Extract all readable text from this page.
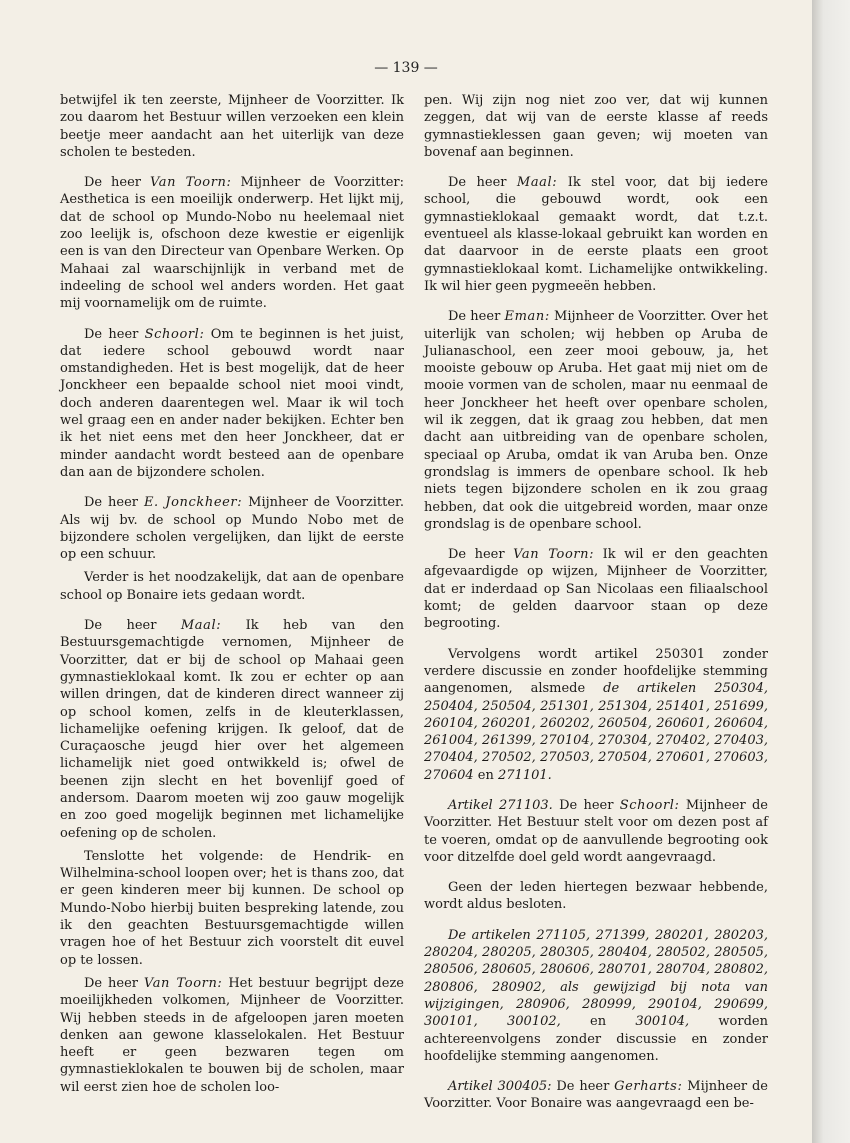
— 139 —

betwijfel ik ten zeerste, Mijnheer de Voorzitter. Ik zou daarom het Bestuur willen verzoeken een klein beetje meer aandacht aan het uiterlijk van deze scholen te besteden.

De heer Van Toorn: Mijnheer de Voorzitter: Aesthetica is een moeilijk onderwerp. Het lijkt mij, dat de school op Mundo-Nobo nu heelemaal niet zoo leelijk is, ofschoon deze kwestie er eigenlijk een is van den Directeur van Openbare Werken. Op Mahaai zal waarschijnlijk in verband met de indeeling de school wel anders worden. Het gaat mij voornamelijk om de ruimte.

De heer Schoorl: Om te beginnen is het juist, dat iedere school gebouwd wordt naar omstandigheden. Het is best mogelijk, dat de heer Jonckheer een bepaalde school niet mooi vindt, doch anderen daarentegen wel. Maar ik wil toch wel graag een en ander nader bekijken. Echter ben ik het niet eens met den heer Jonckheer, dat er minder aandacht wordt besteed aan de openbare dan aan de bijzondere scholen.

De heer E. Jonckheer: Mijnheer de Voorzitter. Als wij bv. de school op Mundo Nobo met de bijzondere scholen vergelijken, dan lijkt de eerste op een schuur.

Verder is het noodzakelijk, dat aan de openbare school op Bonaire iets gedaan wordt.

De heer Maal: Ik heb van den Bestuursgemachtigde vernomen, Mijnheer de Voorzitter, dat er bij de school op Mahaai geen gymnastieklokaal komt. Ik zou er echter op aan willen dringen, dat de kinderen direct wanneer zij op school komen, zelfs in de kleuterklassen, lichamelijke oefening krijgen. Ik geloof, dat de Curaçaosche jeugd hier over het algemeen lichamelijk niet goed ontwikkeld is; ofwel de beenen zijn slecht en het bovenlijf goed of andersom. Daarom moeten wij zoo gauw mogelijk en zoo goed mogelijk beginnen met lichamelijke oefening op de scholen.

Tenslotte het volgende: de Hendrik- en Wilhelmina-school loopen over; het is thans zoo, dat er geen kinderen meer bij kunnen. De school op Mundo-Nobo hierbij buiten bespreking latende, zou ik den geachten Bestuursgemachtigde willen vragen hoe of het Bestuur zich voorstelt dit euvel op te lossen.

De heer Van Toorn: Het bestuur begrijpt deze moeilijkheden volkomen, Mijnheer de Voorzitter. Wij hebben steeds in de afgeloopen jaren moeten denken aan gewone klasselokalen. Het Bestuur heeft er geen bezwaren tegen om gymnastieklokalen te bouwen bij de scholen, maar wil eerst zien hoe de scholen loo-

pen. Wij zijn nog niet zoo ver, dat wij kunnen zeggen, dat wij van de eerste klasse af reeds gymnastieklessen gaan geven; wij moeten van bovenaf aan beginnen.

De heer Maal: Ik stel voor, dat bij iedere school, die gebouwd wordt, ook een gymnastieklokaal gemaakt wordt, dat t.z.t. eventueel als klasse-lokaal gebruikt kan worden en dat daarvoor in de eerste plaats een groot gymnastieklokaal komt. Lichamelijke ontwikkeling. Ik wil hier geen pygmeeën hebben.

De heer Eman: Mijnheer de Voorzitter. Over het uiterlijk van scholen; wij hebben op Aruba de Julianaschool, een zeer mooi gebouw, ja, het mooiste gebouw op Aruba. Het gaat mij niet om de mooie vormen van de scholen, maar nu eenmaal de heer Jonckheer het heeft over openbare scholen, wil ik zeggen, dat ik graag zou hebben, dat men dacht aan uitbreiding van de openbare scholen, speciaal op Aruba, omdat ik van Aruba ben. Onze grondslag is immers de openbare school. Ik heb niets tegen bijzondere scholen en ik zou graag hebben, dat ook die uitgebreid worden, maar onze grondslag is de openbare school.

De heer Van Toorn: Ik wil er den geachten afgevaardigde op wijzen, Mijnheer de Voorzitter, dat er inderdaad op San Nicolaas een filiaalschool komt; de gelden daarvoor staan op deze begrooting.

Vervolgens wordt artikel 250301 zonder verdere discussie en zonder hoofdelijke stemming aangenomen, alsmede de artikelen 250304, 250404, 250504, 251301, 251304, 251401, 251699, 260104, 260201, 260202, 260504, 260601, 260604, 261004, 261399, 270104, 270304, 270402, 270403, 270404, 270502, 270503, 270504, 270601, 270603, 270604 en 271101.

Artikel 271103. De heer Schoorl: Mijnheer de Voorzitter. Het Bestuur stelt voor om dezen post af te voeren, omdat op de aanvullende begrooting ook voor ditzelfde doel geld wordt aangevraagd.

Geen der leden hiertegen bezwaar hebbende, wordt aldus besloten.

De artikelen 271105, 271399, 280201, 280203, 280204, 280205, 280305, 280404, 280502, 280505, 280506, 280605, 280606, 280701, 280704, 280802, 280806, 280902, als gewijzigd bij nota van wijzigingen, 280906, 280999, 290104, 290699, 300101, 300102, en 300104, worden achtereenvolgens zonder discussie en zonder hoofdelijke stemming aangenomen.

Artikel 300405: De heer Gerharts: Mijnheer de Voorzitter. Voor Bonaire was aangevraagd een be-
